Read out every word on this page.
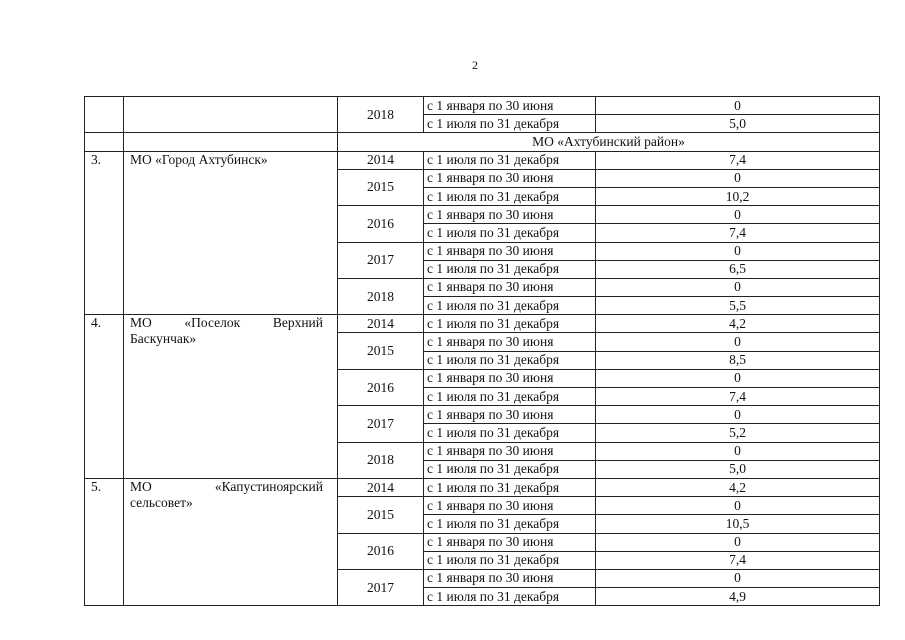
2
		2018	с 1 января по 30 июня	0
			с 1 июля по 31 декабря	5,0
		МО «Ахтубинский район»		
3.	МО «Город Ахтубинск»	2014	с 1 июля по 31 декабря	7,4
		2015	с 1 января по 30 июня	0
			с 1 июля по 31 декабря	10,2
		2016	с 1 января по 30 июня	0
			с 1 июля по 31 декабря	7,4
		2017	с 1 января по 30 июня	0
			с 1 июля по 31 декабря	6,5
		2018	с 1 января по 30 июня	0
			с 1 июля по 31 декабря	5,5
4.	МО «Поселок Верхний Баскунчак»	2014	с 1 июля по 31 декабря	4,2
		2015	с 1 января по 30 июня	0
			с 1 июля по 31 декабря	8,5
		2016	с 1 января по 30 июня	0
			с 1 июля по 31 декабря	7,4
		2017	с 1 января по 30 июня	0
			с 1 июля по 31 декабря	5,2
		2018	с 1 января по 30 июня	0
			с 1 июля по 31 декабря	5,0
5.	МО «Капустиноярский сельсовет»	2014	с 1 июля по 31 декабря	4,2
		2015	с 1 января по 30 июня	0
			с 1 июля по 31 декабря	10,5
		2016	с 1 января по 30 июня	0
			с 1 июля по 31 декабря	7,4
		2017	с 1 января по 30 июня	0
			с 1 июля по 31 декабря	4,9
